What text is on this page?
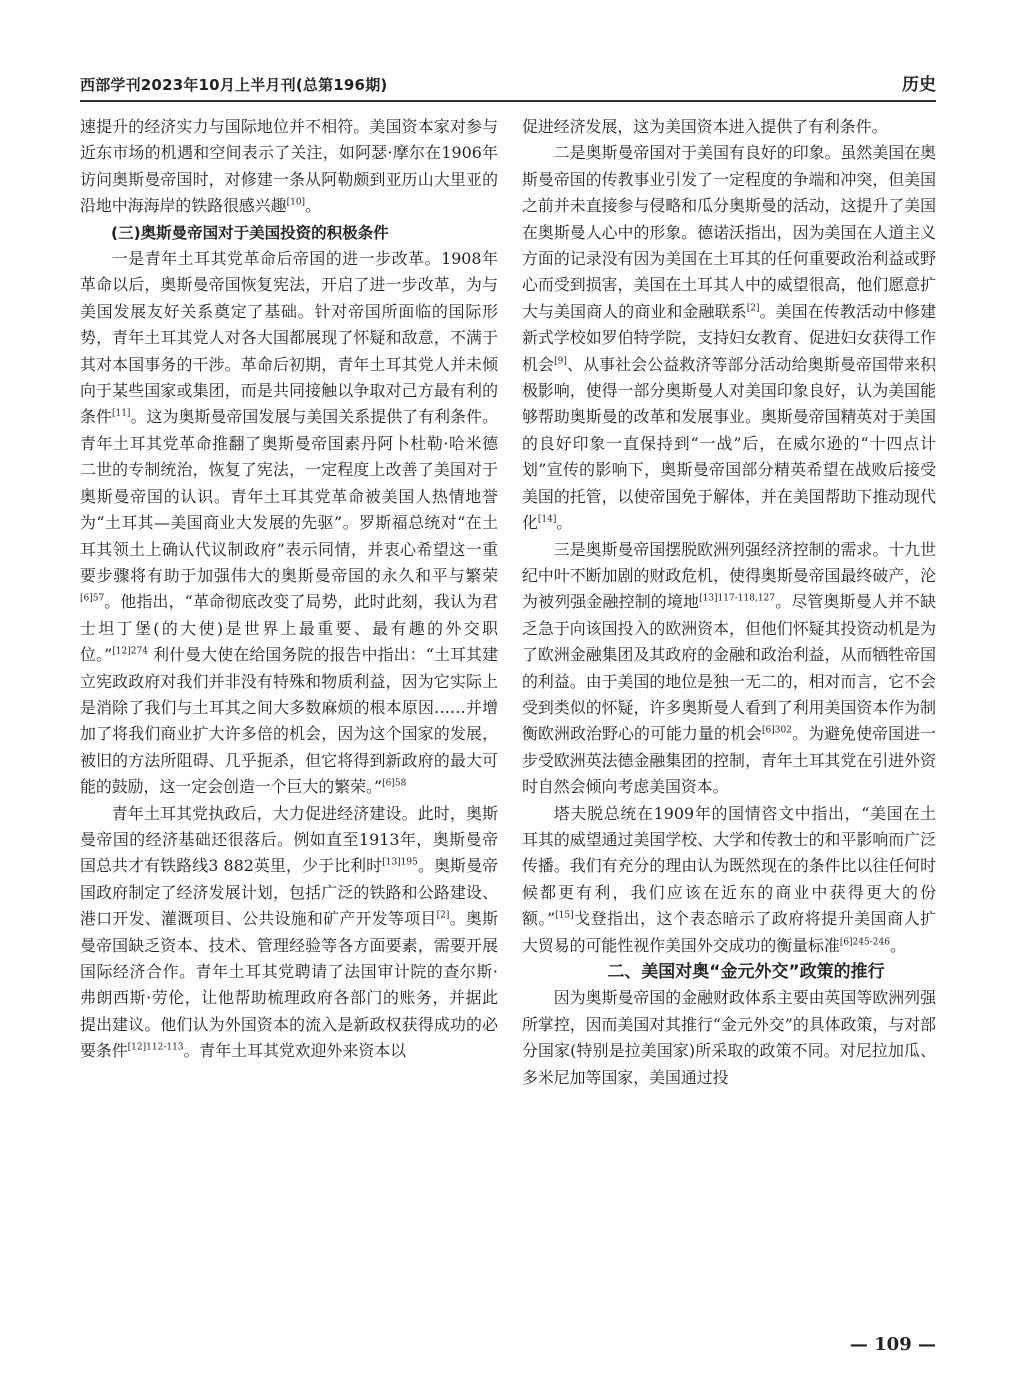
西部学刊2023年10月上半月刊(总第196期)	历史

速提升的经济实力与国际地位并不相符。美国资本家对参与近东市场的机遇和空间表示了关注，如阿瑟·摩尔在1906年访问奥斯曼帝国时，对修建一条从阿勒颇到亚历山大里亚的沿地中海海岸的铁路很感兴趣[10]。

(三)奥斯曼帝国对于美国投资的积极条件

一是青年土耳其党革命后帝国的进一步改革。1908年革命以后，奥斯曼帝国恢复宪法，开启了进一步改革，为与美国发展友好关系奠定了基础。针对帝国所面临的国际形势，青年土耳其党人对各大国都展现了怀疑和敌意，不满于其对本国事务的干涉。革命后初期，青年土耳其党人并未倾向于某些国家或集团，而是共同接触以争取对己方最有利的条件[11]。这为奥斯曼帝国发展与美国关系提供了有利条件。青年土耳其党革命推翻了奥斯曼帝国素丹阿卜杜勒·哈米德二世的专制统治，恢复了宪法，一定程度上改善了美国对于奥斯曼帝国的认识。青年土耳其党革命被美国人热情地誉为“土耳其—美国商业大发展的先驱”。罗斯福总统对“在土耳其领土上确认代议制政府”表示同情，并衷心希望这一重要步骤将有助于加强伟大的奥斯曼帝国的永久和平与繁荣$^{[6]57}$。他指出，“革命彻底改变了局势，此时此刻，我认为君士坦丁堡(的大使)是世界上最重要、最有趣的外交职位。”$^{[12]274}$ 利什曼大使在给国务院的报告中指出：“土耳其建立宪政政府对我们并非没有特殊和物质利益，因为它实际上是消除了我们与土耳其之间大多数麻烦的根本原因……并增加了将我们商业扩大许多倍的机会，因为这个国家的发展，被旧的方法所阻碍、几乎扼杀，但它将得到新政府的最大可能的鼓励，这一定会创造一个巨大的繁荣。”$^{[6]58}$

青年土耳其党执政后，大力促进经济建设。此时，奥斯曼帝国的经济基础还很落后。例如直至1913年，奥斯曼帝国总共才有铁路线3 882英里，少于比利时$^{[13]195}$。奥斯曼帝国政府制定了经济发展计划，包括广泛的铁路和公路建设、港口开发、灌溉项目、公共设施和矿产开发等项目[2]。奥斯曼帝国缺乏资本、技术、管理经验等各方面要素，需要开展国际经济合作。青年土耳其党聘请了法国审计院的查尔斯·弗朗西斯·劳伦，让他帮助梳理政府各部门的账务，并据此提出建议。他们认为外国资本的流入是新政权获得成功的必要条件$^{[12]112-113}$。青年土耳其党欢迎外来资本以

促进经济发展，这为美国资本进入提供了有利条件。

二是奥斯曼帝国对于美国有良好的印象。虽然美国在奥斯曼帝国的传教事业引发了一定程度的争端和冲突，但美国之前并未直接参与侵略和瓜分奥斯曼的活动，这提升了美国在奥斯曼人心中的形象。德诺沃指出，因为美国在人道主义方面的记录没有因为美国在土耳其的任何重要政治利益或野心而受到损害，美国在土耳其人中的威望很高，他们愿意扩大与美国商人的商业和金融联系[2]。美国在传教活动中修建新式学校如罗伯特学院，支持妇女教育、促进妇女获得工作机会[9]、从事社会公益救济等部分活动给奥斯曼帝国带来积极影响，使得一部分奥斯曼人对美国印象良好，认为美国能够帮助奥斯曼的改革和发展事业。奥斯曼帝国精英对于美国的良好印象一直保持到“一战”后，在威尔逊的“十四点计划”宣传的影响下，奥斯曼帝国部分精英希望在战败后接受美国的托管，以使帝国免于解体，并在美国帮助下推动现代化[14]。

三是奥斯曼帝国摆脱欧洲列强经济控制的需求。十九世纪中叶不断加剧的财政危机，使得奥斯曼帝国最终破产，沦为被列强金融控制的境地$^{[13]117-118,127}$。尽管奥斯曼人并不缺乏急于向该国投入的欧洲资本，但他们怀疑其投资动机是为了欧洲金融集团及其政府的金融和政治利益，从而牺牲帝国的利益。由于美国的地位是独一无二的，相对而言，它不会受到类似的怀疑，许多奥斯曼人看到了利用美国资本作为制衡欧洲政治野心的可能力量的机会$^{[6]302}$。为避免使帝国进一步受欧洲英法德金融集团的控制，青年土耳其党在引进外资时自然会倾向考虑美国资本。

塔夫脱总统在1909年的国情咨文中指出，“美国在土耳其的威望通过美国学校、大学和传教士的和平影响而广泛传播。我们有充分的理由认为既然现在的条件比以往任何时候都更有利，我们应该在近东的商业中获得更大的份额。”[15]戈登指出，这个表态暗示了政府将提升美国商人扩大贸易的可能性视作美国外交成功的衡量标准$^{[6]245-246}$。

二、美国对奥“金元外交”政策的推行

因为奥斯曼帝国的金融财政体系主要由英国等欧洲列强所掌控，因而美国对其推行“金元外交”的具体政策，与对部分国家(特别是拉美国家)所采取的政策不同。对尼拉加瓜、多米尼加等国家，美国通过投

— 109 —
